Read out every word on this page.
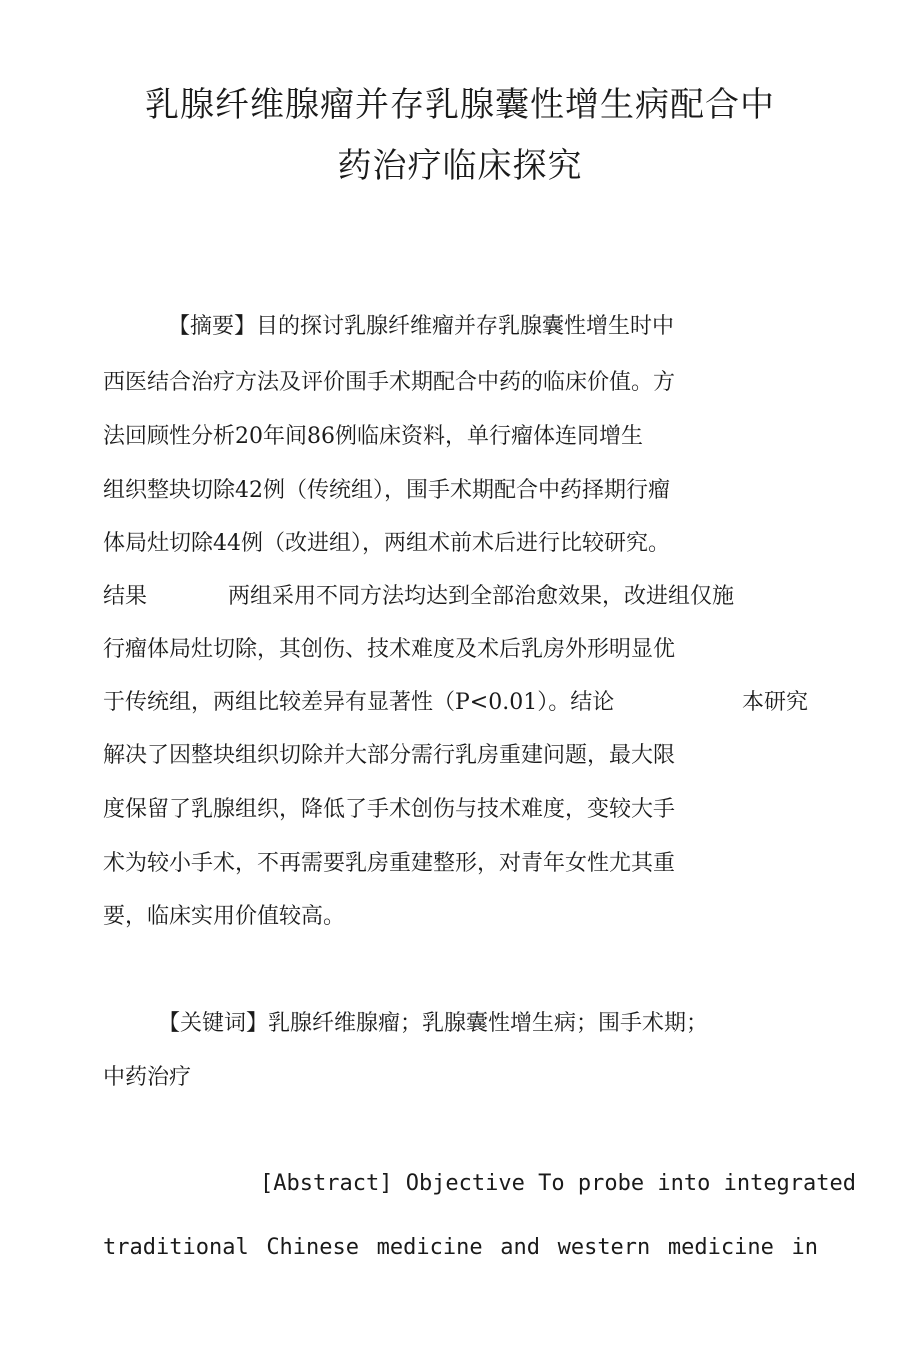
乳腺纤维腺瘤并存乳腺囊性增生病配合中
药治疗临床探究
【摘要】目的探讨乳腺纤维瘤并存乳腺囊性增生时中
西医结合治疗方法及评价围手术期配合中药的临床价值。方
法回顾性分析20年间86例临床资料，单行瘤体连同增生
组织整块切除42例（传统组），围手术期配合中药择期行瘤
体局灶切除44例（改进组），两组术前术后进行比较研究。
结果	两组采用不同方法均达到全部治愈效果，改进组仅施
行瘤体局灶切除，其创伤、技术难度及术后乳房外形明显优
于传统组，两组比较差异有显著性（P<0.01）。结论	本研究
解决了因整块组织切除并大部分需行乳房重建问题，最大限
度保留了乳腺组织，降低了手术创伤与技术难度，变较大手
术为较小手术，不再需要乳房重建整形，对青年女性尤其重
要，临床实用价值较高。
【关键词】乳腺纤维腺瘤；乳腺囊性增生病；围手术期；
中药治疗
[Abstract] Objective To probe into integrated
traditional Chinese medicine and western medicine in
